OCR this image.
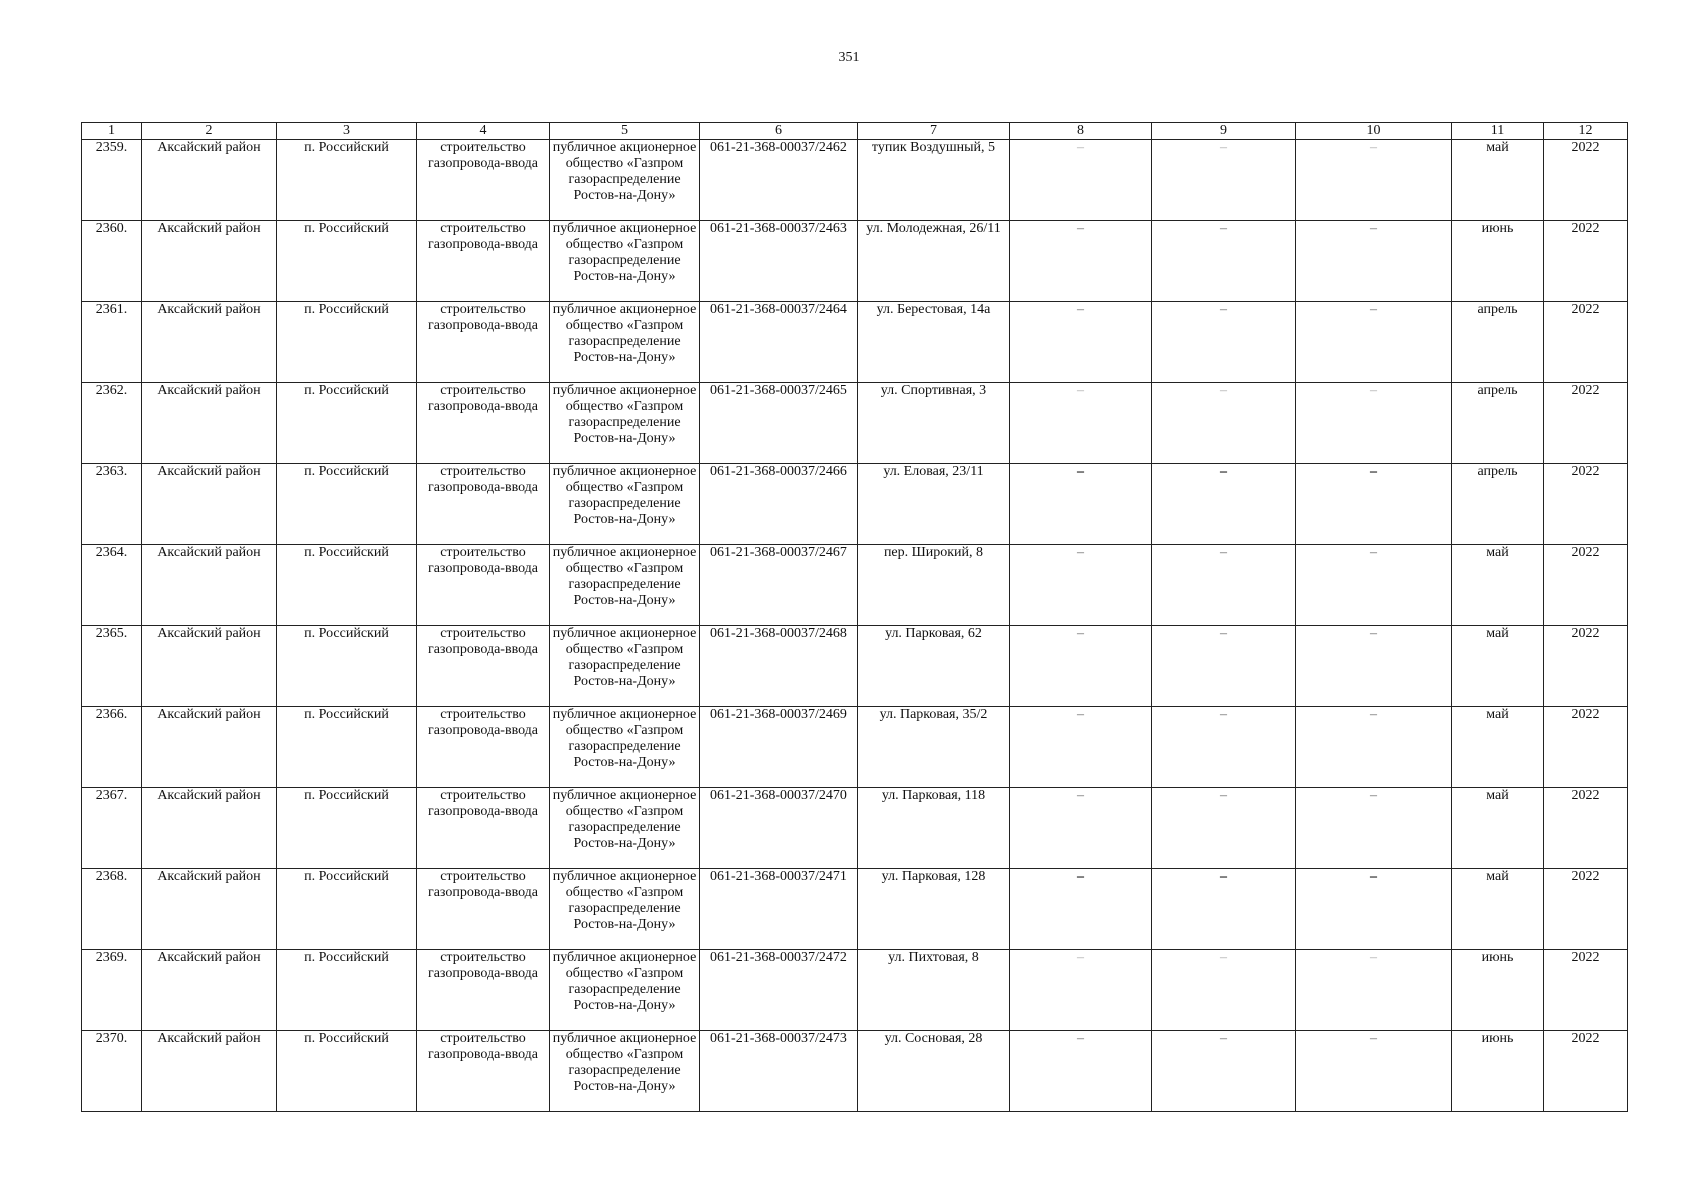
351
1	2	3	4	5	6	7	8	9	10	11	12
2359.	Аксайский район	п. Российский	строительство газопровода-ввода	публичное акционерное общество «Газпром газораспределение Ростов-на-Дону»	061-21-368-00037/2462	тупик Воздушный, 5	–	–	–	май	2022
2360.	Аксайский район	п. Российский	строительство газопровода-ввода	публичное акционерное общество «Газпром газораспределение Ростов-на-Дону»	061-21-368-00037/2463	ул. Молодежная, 26/11	–	–	–	июнь	2022
2361.	Аксайский район	п. Российский	строительство газопровода-ввода	публичное акционерное общество «Газпром газораспределение Ростов-на-Дону»	061-21-368-00037/2464	ул. Берестовая, 14а	–	–	–	апрель	2022
2362.	Аксайский район	п. Российский	строительство газопровода-ввода	публичное акционерное общество «Газпром газораспределение Ростов-на-Дону»	061-21-368-00037/2465	ул. Спортивная, 3	–	–	–	апрель	2022
2363.	Аксайский район	п. Российский	строительство газопровода-ввода	публичное акционерное общество «Газпром газораспределение Ростов-на-Дону»	061-21-368-00037/2466	ул. Еловая, 23/11	–	–	–	апрель	2022
2364.	Аксайский район	п. Российский	строительство газопровода-ввода	публичное акционерное общество «Газпром газораспределение Ростов-на-Дону»	061-21-368-00037/2467	пер. Широкий, 8	–	–	–	май	2022
2365.	Аксайский район	п. Российский	строительство газопровода-ввода	публичное акционерное общество «Газпром газораспределение Ростов-на-Дону»	061-21-368-00037/2468	ул. Парковая, 62	–	–	–	май	2022
2366.	Аксайский район	п. Российский	строительство газопровода-ввода	публичное акционерное общество «Газпром газораспределение Ростов-на-Дону»	061-21-368-00037/2469	ул. Парковая, 35/2	–	–	–	май	2022
2367.	Аксайский район	п. Российский	строительство газопровода-ввода	публичное акционерное общество «Газпром газораспределение Ростов-на-Дону»	061-21-368-00037/2470	ул. Парковая, 118	–	–	–	май	2022
2368.	Аксайский район	п. Российский	строительство газопровода-ввода	публичное акционерное общество «Газпром газораспределение Ростов-на-Дону»	061-21-368-00037/2471	ул. Парковая, 128	–	–	–	май	2022
2369.	Аксайский район	п. Российский	строительство газопровода-ввода	публичное акционерное общество «Газпром газораспределение Ростов-на-Дону»	061-21-368-00037/2472	ул. Пихтовая, 8	–	–	–	июнь	2022
2370.	Аксайский район	п. Российский	строительство газопровода-ввода	публичное акционерное общество «Газпром газораспределение Ростов-на-Дону»	061-21-368-00037/2473	ул. Сосновая, 28	–	–	–	июнь	2022
